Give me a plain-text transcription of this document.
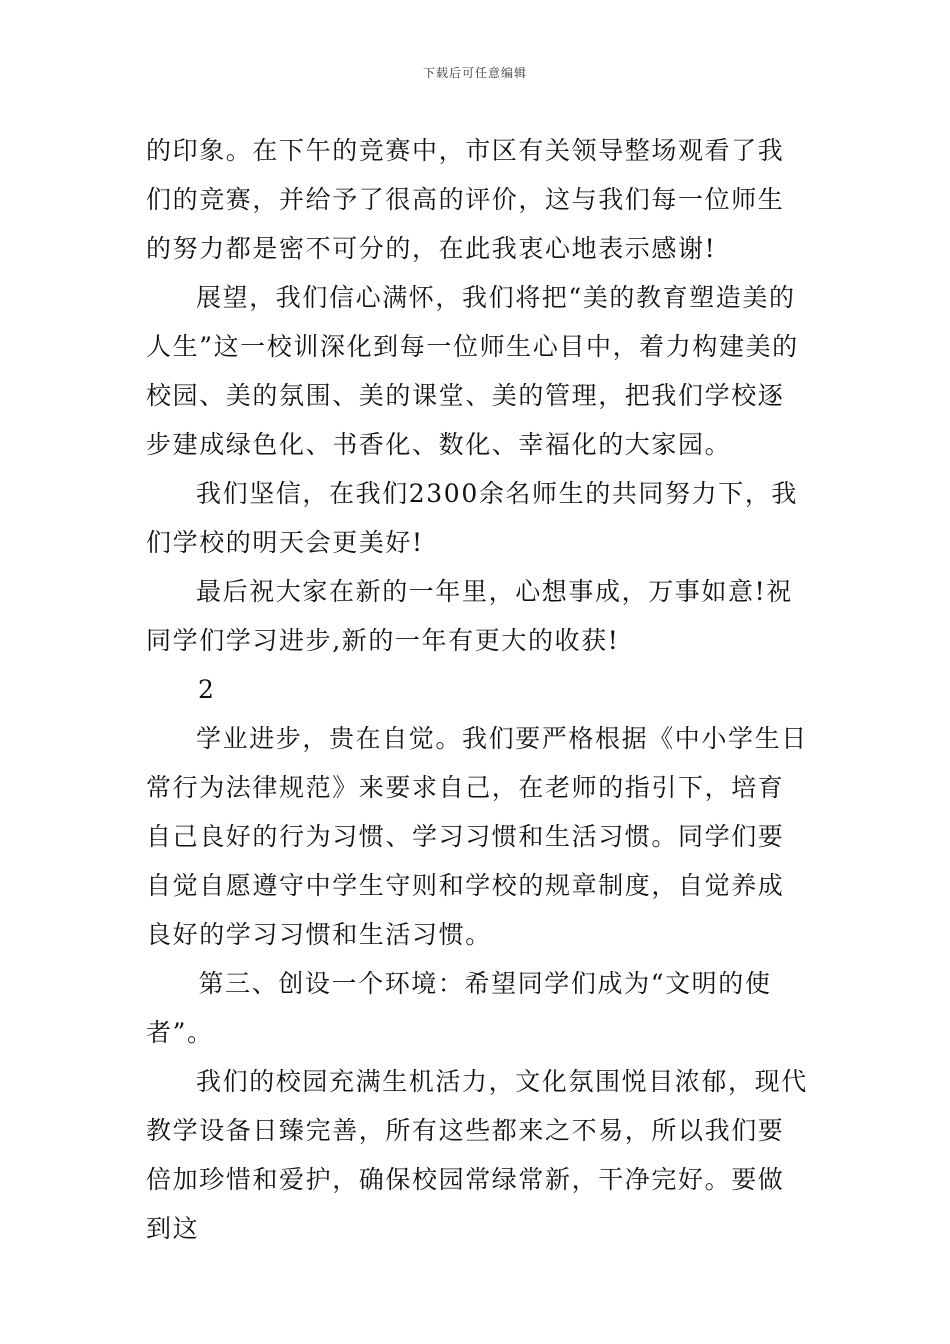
下载后可任意编辑

的印象。在下午的竞赛中，市区有关领导整场观看了我们的竞赛，并给予了很高的评价，这与我们每一位师生的努力都是密不可分的，在此我衷心地表示感谢!

展望，我们信心满怀，我们将把“美的教育塑造美的人生”这一校训深化到每一位师生心目中，着力构建美的校园、美的氛围、美的课堂、美的管理，把我们学校逐步建成绿色化、书香化、数化、幸福化的大家园。

我们坚信，在我们2300余名师生的共同努力下，我们学校的明天会更美好!

最后祝大家在新的一年里，心想事成，万事如意!祝同学们学习进步,新的一年有更大的收获!

2

学业进步，贵在自觉。我们要严格根据《中小学生日常行为法律规范》来要求自己，在老师的指引下，培育自己良好的行为习惯、学习习惯和生活习惯。同学们要自觉自愿遵守中学生守则和学校的规章制度，自觉养成良好的学习习惯和生活习惯。

第三、创设一个环境：希望同学们成为“文明的使者”。

我们的校园充满生机活力，文化氛围悦目浓郁，现代教学设备日臻完善，所有这些都来之不易，所以我们要倍加珍惜和爱护，确保校园常绿常新，干净完好。要做到这
